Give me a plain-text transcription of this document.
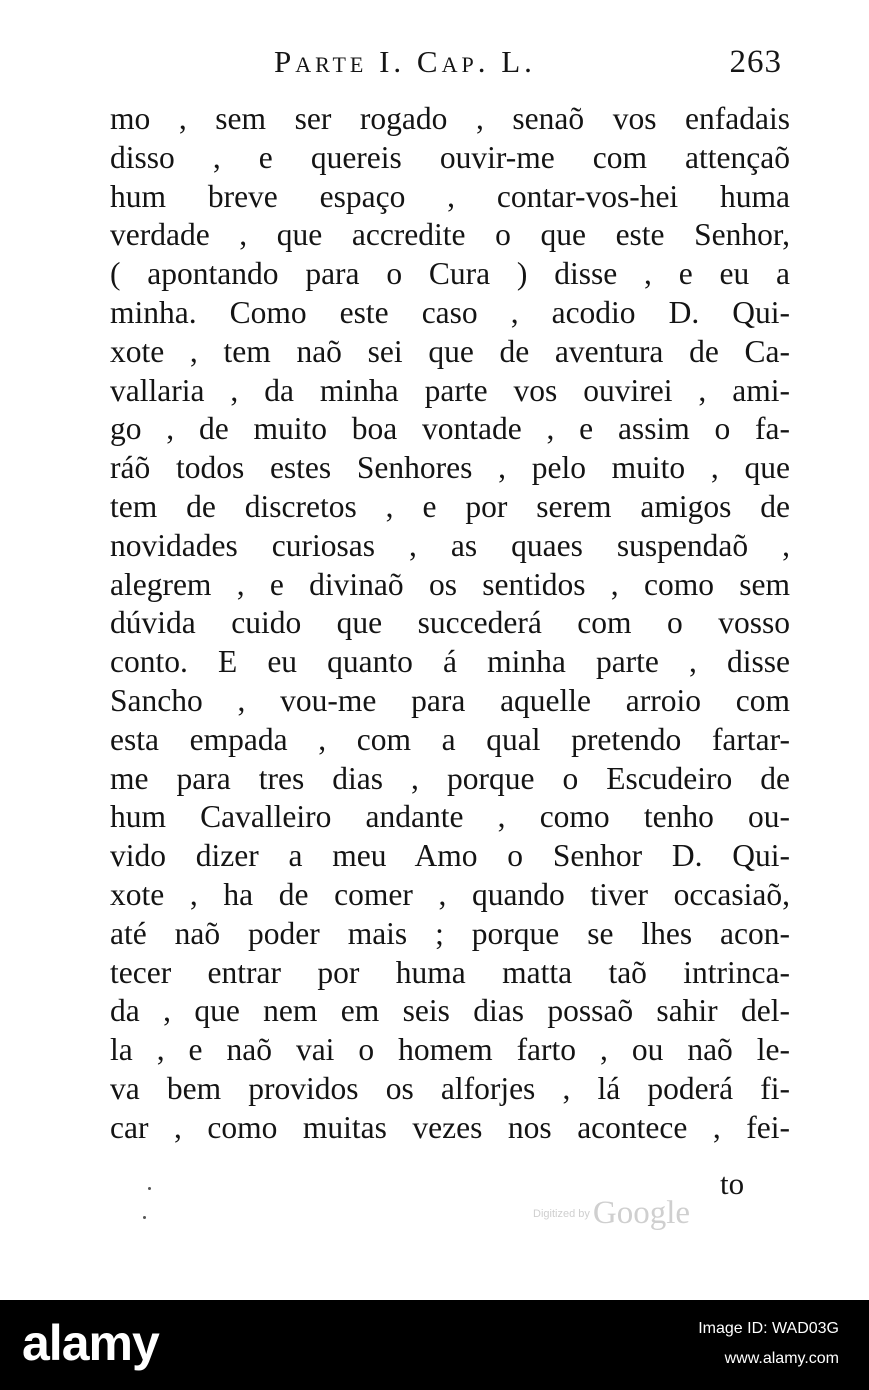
Parte I. Cap. L.	263
mo , sem ser rogado , senaõ vos enfadais
disso , e quereis ouvir-me com attençaõ
hum breve espaço , contar-vos-hei huma
verdade , que accredite o que este Senhor,
( apontando para o Cura ) disse , e eu a
minha. Como este caso , acodio D. Qui-
xote , tem naõ sei que de aventura de Ca-
vallaria , da minha parte vos ouvirei , ami-
go , de muito boa vontade , e assim o fa-
ráõ todos estes Senhores , pelo muito , que
tem de discretos , e por serem amigos de
novidades curiosas , as quaes suspendaõ ,
alegrem , e divinaõ os sentidos , como sem
dúvida cuido que succederá com o vosso
conto. E eu quanto á minha parte , disse
Sancho , vou-me para aquelle arroio com
esta empada , com a qual pretendo fartar-
me para tres dias , porque o Escudeiro de
hum Cavalleiro andante , como tenho ou-
vido dizer a meu Amo o Senhor D. Qui-
xote , ha de comer , quando tiver occasiaõ,
até naõ poder mais ; porque se lhes acon-
tecer entrar por huma matta taõ intrinca-
da , que nem em seis dias possaõ sahir del-
la , e naõ vai o homem farto , ou naõ le-
va bem providos os alforjes , lá poderá fi-
car , como muitas vezes nos acontece , fei-
to
Digitized byGoogle
alamy	Image ID: WAD03G
www.alamy.com
